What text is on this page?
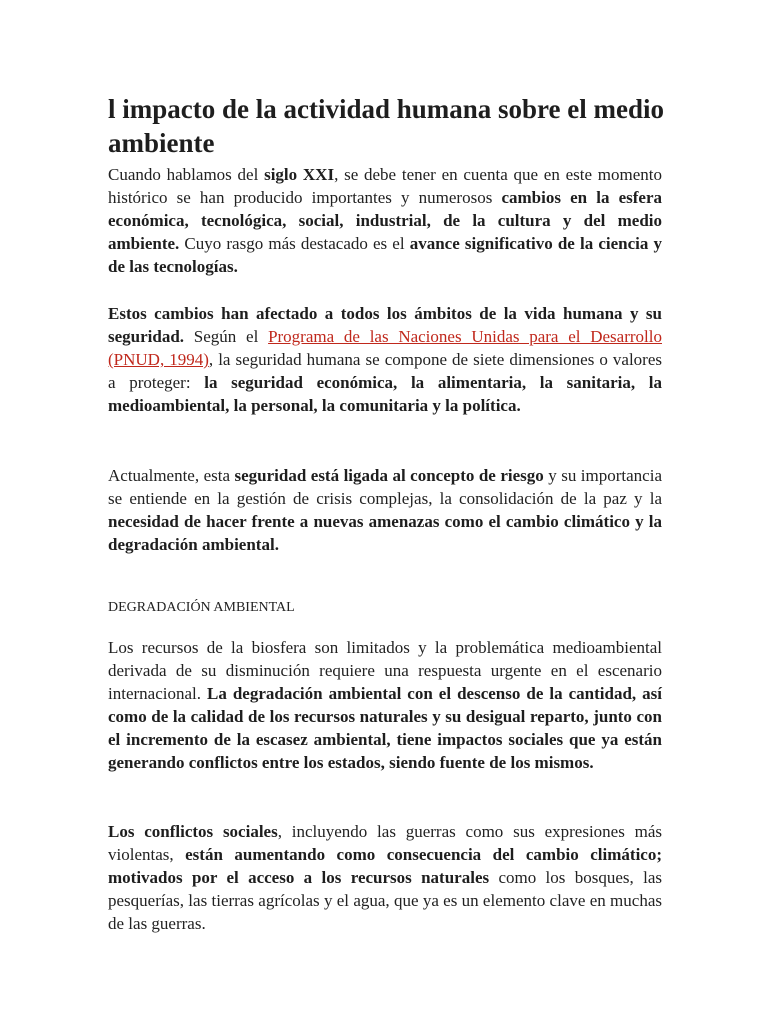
l impacto de la actividad humana sobre el medio ambiente

Cuando hablamos del siglo XXI, se debe tener en cuenta que en este momento histórico se han producido importantes y numerosos cambios en la esfera económica, tecnológica, social, industrial, de la cultura y del medio ambiente. Cuyo rasgo más destacado es el avance significativo de la ciencia y de las tecnologías.

Estos cambios han afectado a todos los ámbitos de la vida humana y su seguridad. Según el Programa de las Naciones Unidas para el Desarrollo (PNUD, 1994), la seguridad humana se compone de siete dimensiones o valores a proteger: la seguridad económica, la alimentaria, la sanitaria, la medioambiental, la personal, la comunitaria y la política.

Actualmente, esta seguridad está ligada al concepto de riesgo y su importancia se entiende en la gestión de crisis complejas, la consolidación de la paz y la necesidad de hacer frente a nuevas amenazas como el cambio climático y la degradación ambiental.

DEGRADACIÓN AMBIENTAL

Los recursos de la biosfera son limitados y la problemática medioambiental derivada de su disminución requiere una respuesta urgente en el escenario internacional. La degradación ambiental con el descenso de la cantidad, así como de la calidad de los recursos naturales y su desigual reparto, junto con el incremento de la escasez ambiental, tiene impactos sociales que ya están generando conflictos entre los estados, siendo fuente de los mismos.

Los conflictos sociales, incluyendo las guerras como sus expresiones más violentas, están aumentando como consecuencia del cambio climático; motivados por el acceso a los recursos naturales como los bosques, las pesquerías, las tierras agrícolas y el agua, que ya es un elemento clave en muchas de las guerras.
